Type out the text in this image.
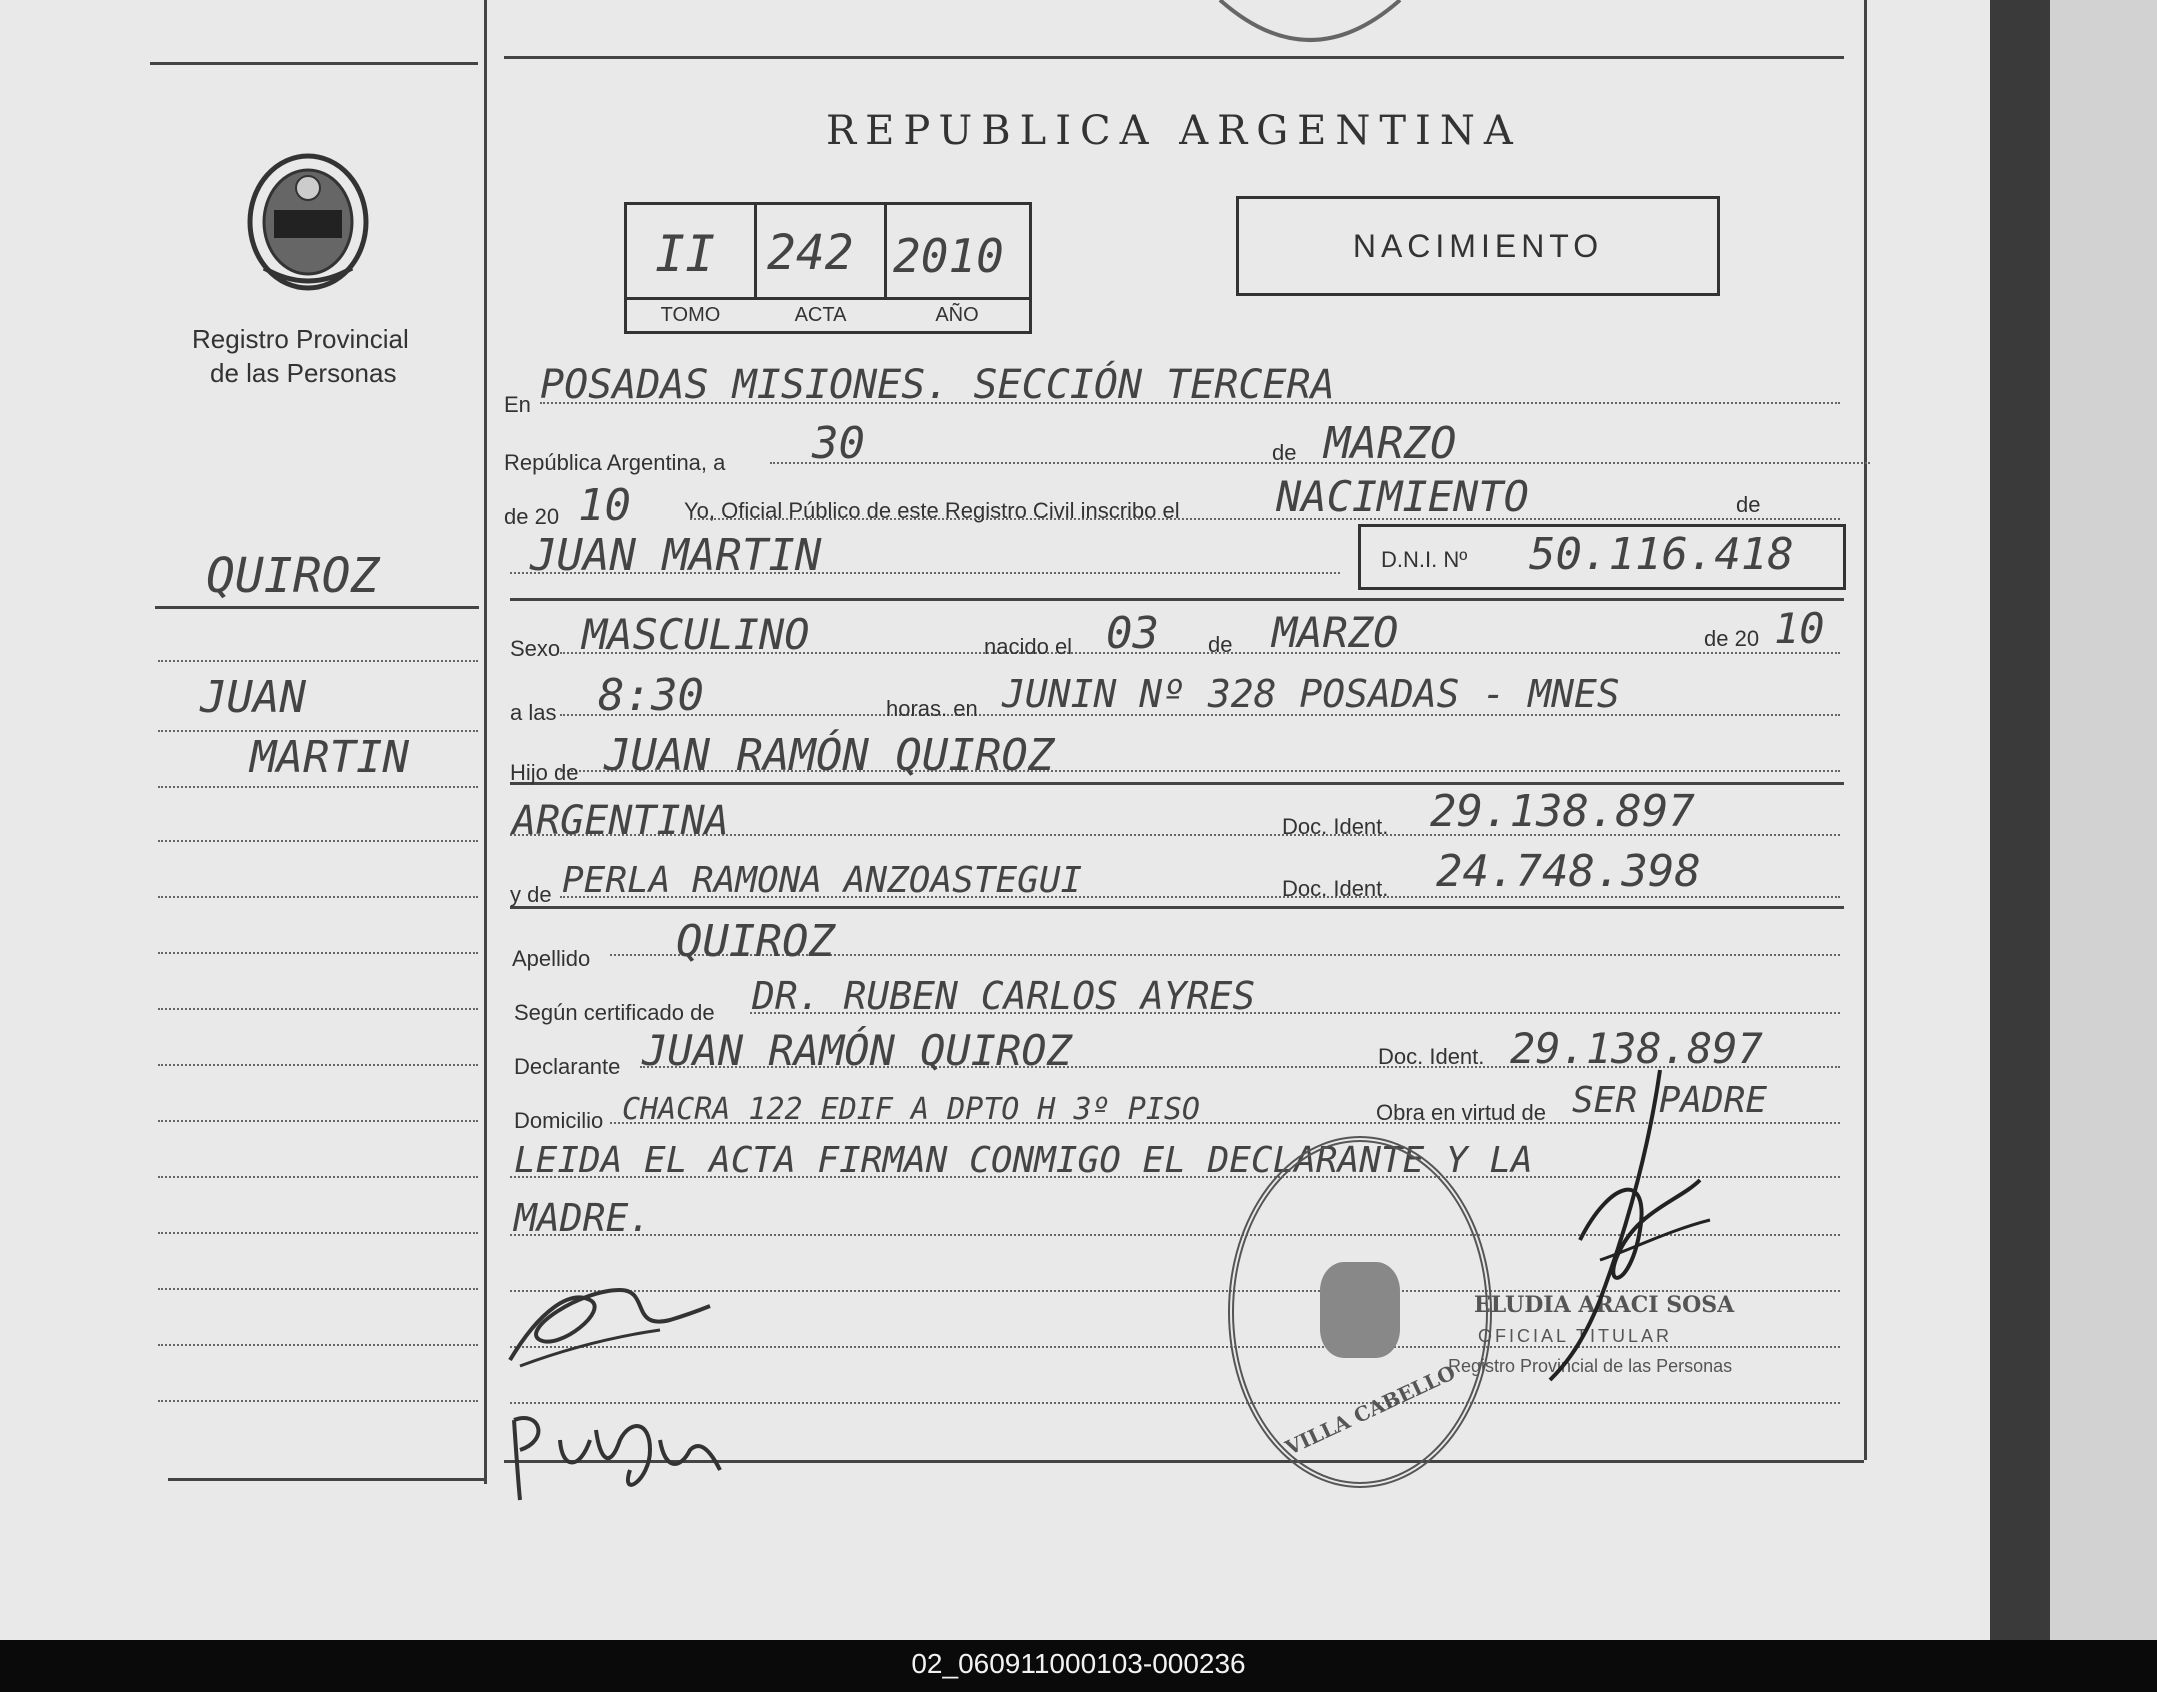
Registro Provincial
de las Personas
QUIROZ
JUAN
MARTIN
REPUBLICA ARGENTINA
II 242 2010
TOMO	ACTA	AÑO
NACIMIENTO
En POSADAS MISIONES. SECCIÓN TERCERA
República Argentina, a 30	de MARZO
de 20 10 Yo, Oficial Público de este Registro Civil inscribo el NACIMIENTO	de
JUAN MARTIN	D.N.I. Nº 50.116.418
Sexo MASCULINO	nacido el 03 de MARZO	de 20 10
a las 8:30	horas. en JUNIN Nº 328 POSADAS - MNES
Hijo de JUAN RAMÓN QUIROZ
ARGENTINA	Doc. Ident. 29.138.897
y de PERLA RAMONA ANZOASTEGUI	Doc. Ident. 24.748.398
Apellido QUIROZ
Según certificado de DR. RUBEN CARLOS AYRES
Declarante JUAN RAMÓN QUIROZ	Doc. Ident. 29.138.897
Domicilio CHACRA 122 EDIF A DPTO H 3º PISO	Obra en virtud de SER PADRE
LEIDA EL ACTA FIRMAN CONMIGO EL DECLARANTE Y LA
MADRE.
VILLA CABELLO
ELUDIA ARACI SOSA
OFICIAL TITULAR
Registro Provincial de las Personas
02_060911000103-000236
